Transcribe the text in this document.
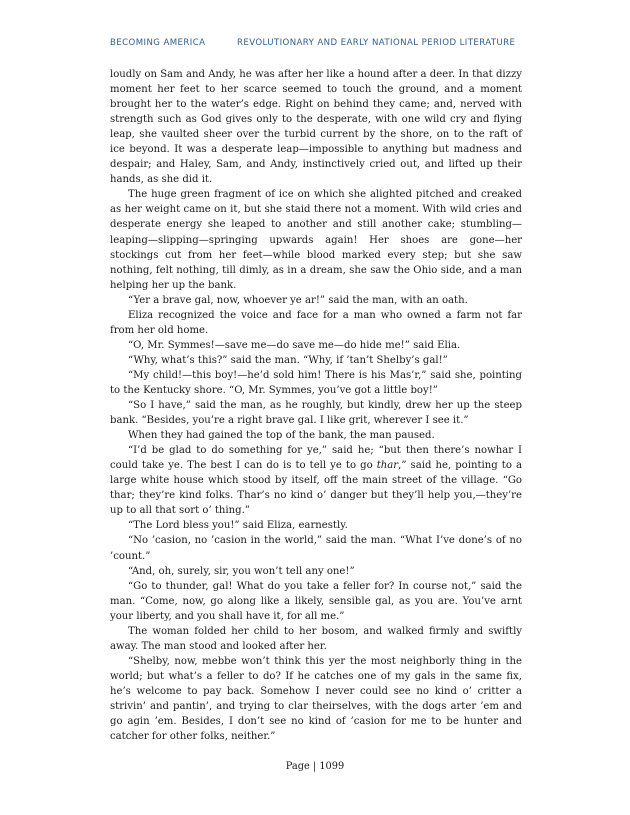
BECOMING AMERICA	REVOLUTIONARY AND EARLY NATIONAL PERIOD LITERATURE

loudly on Sam and Andy, he was after her like a hound after a deer. In that dizzy moment her feet to her scarce seemed to touch the ground, and a moment brought her to the water’s edge. Right on behind they came; and, nerved with strength such as God gives only to the desperate, with one wild cry and flying leap, she vaulted sheer over the turbid current by the shore, on to the raft of ice beyond. It was a desperate leap—impossible to anything but madness and despair; and Haley, Sam, and Andy, instinctively cried out, and lifted up their hands, as she did it.

The huge green fragment of ice on which she alighted pitched and creaked as her weight came on it, but she staid there not a moment. With wild cries and desperate energy she leaped to another and still another cake; stumbling—leaping—slipping—springing upwards again! Her shoes are gone—her stockings cut from her feet—while blood marked every step; but she saw nothing, felt nothing, till dimly, as in a dream, she saw the Ohio side, and a man helping her up the bank.

“Yer a brave gal, now, whoever ye ar!” said the man, with an oath.

Eliza recognized the voice and face for a man who owned a farm not far from her old home.

“O, Mr. Symmes!—save me—do save me—do hide me!” said Elia.

“Why, what’s this?” said the man. “Why, if ’tan’t Shelby’s gal!”

“My child!—this boy!—he’d sold him! There is his Mas’r,” said she, pointing to the Kentucky shore. “O, Mr. Symmes, you’ve got a little boy!”

“So I have,” said the man, as he roughly, but kindly, drew her up the steep bank. “Besides, you’re a right brave gal. I like grit, wherever I see it.”

When they had gained the top of the bank, the man paused.

“I’d be glad to do something for ye,” said he; “but then there’s nowhar I could take ye. The best I can do is to tell ye to go thar,” said he, pointing to a large white house which stood by itself, off the main street of the village. “Go thar; they’re kind folks. Thar’s no kind o’ danger but they’ll help you,—they’re up to all that sort o’ thing.”

“The Lord bless you!” said Eliza, earnestly.

“No ’casion, no ’casion in the world,” said the man. “What I’ve done’s of no ’count.”

“And, oh, surely, sir, you won’t tell any one!”

“Go to thunder, gal! What do you take a feller for? In course not,” said the man. “Come, now, go along like a likely, sensible gal, as you are. You’ve arnt your liberty, and you shall have it, for all me.”

The woman folded her child to her bosom, and walked firmly and swiftly away. The man stood and looked after her.

“Shelby, now, mebbe won’t think this yer the most neighborly thing in the world; but what’s a feller to do? If he catches one of my gals in the same fix, he’s welcome to pay back. Somehow I never could see no kind o’ critter a strivin’ and pantin’, and trying to clar theirselves, with the dogs arter ’em and go agin ’em. Besides, I don’t see no kind of ’casion for me to be hunter and catcher for other folks, neither.”

Page | 1099
